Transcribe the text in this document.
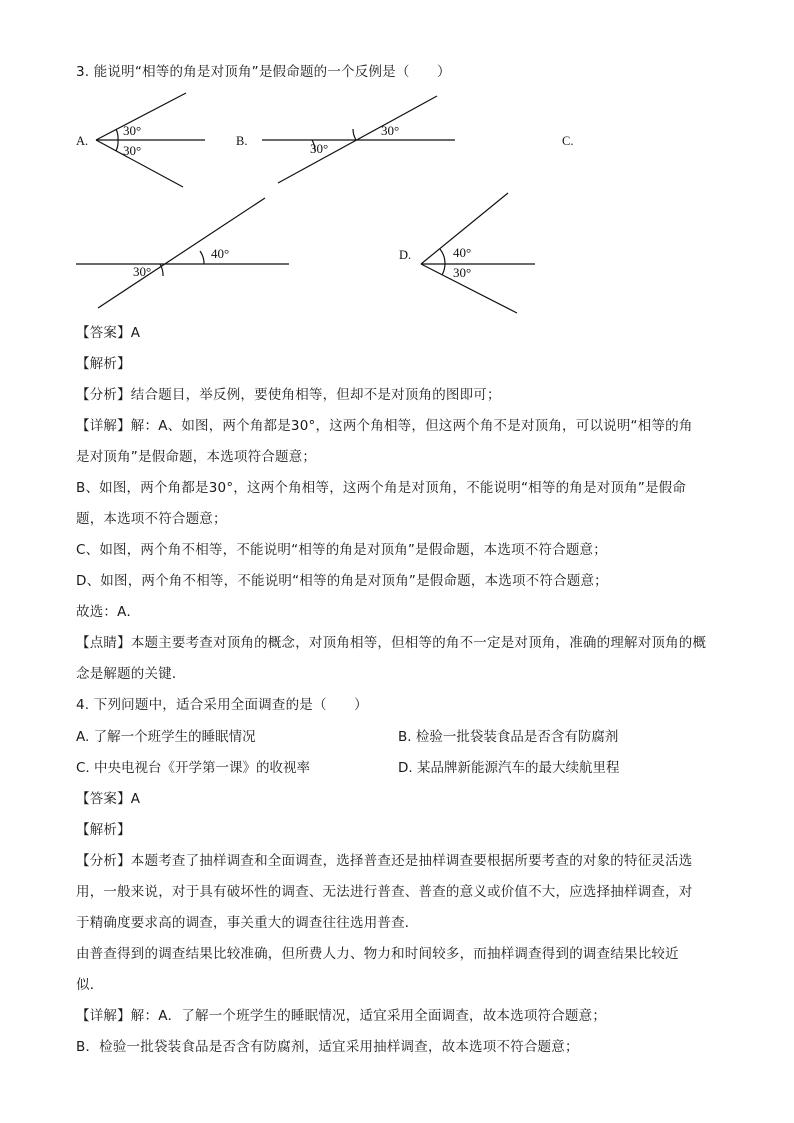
3. 能说明“相等的角是对顶角”是假命题的一个反例是（　　）
A.
30°
30°
B.
30°
30°	C.
40°
30°
D.	40°
30°
【答案】A
【解析】
【分析】结合题目，举反例，要使角相等，但却不是对顶角的图即可；
【详解】解：A、如图，两个角都是30°，这两个角相等，但这两个角不是对顶角，可以说明“相等的角
是对顶角”是假命题，本选项符合题意；
B、如图，两个角都是30°，这两个角相等，这两个角是对顶角，不能说明“相等的角是对顶角”是假命
题，本选项不符合题意；
C、如图，两个角不相等，不能说明“相等的角是对顶角”是假命题，本选项不符合题意；
D、如图，两个角不相等，不能说明“相等的角是对顶角”是假命题，本选项不符合题意；
故选：A．
【点睛】本题主要考查对顶角的概念，对顶角相等，但相等的角不一定是对顶角，准确的理解对顶角的概
念是解题的关键．
4. 下列问题中，适合采用全面调查的是（　　）
A. 了解一个班学生的睡眠情况	B. 检验一批袋装食品是否含有防腐剂
C. 中央电视台《开学第一课》的收视率	D. 某品牌新能源汽车的最大续航里程
【答案】A
【解析】
【分析】本题考查了抽样调查和全面调查，选择普查还是抽样调查要根据所要考查的对象的特征灵活选
用，一般来说，对于具有破坏性的调查、无法进行普查、普查的意义或价值不大，应选择抽样调查，对
于精确度要求高的调查，事关重大的调查往往选用普查．
由普查得到的调查结果比较准确，但所费人力、物力和时间较多，而抽样调查得到的调查结果比较近
似．
【详解】解：A．了解一个班学生的睡眠情况，适宜采用全面调查，故本选项符合题意；
B．检验一批袋装食品是否含有防腐剂，适宜采用抽样调查，故本选项不符合题意；
